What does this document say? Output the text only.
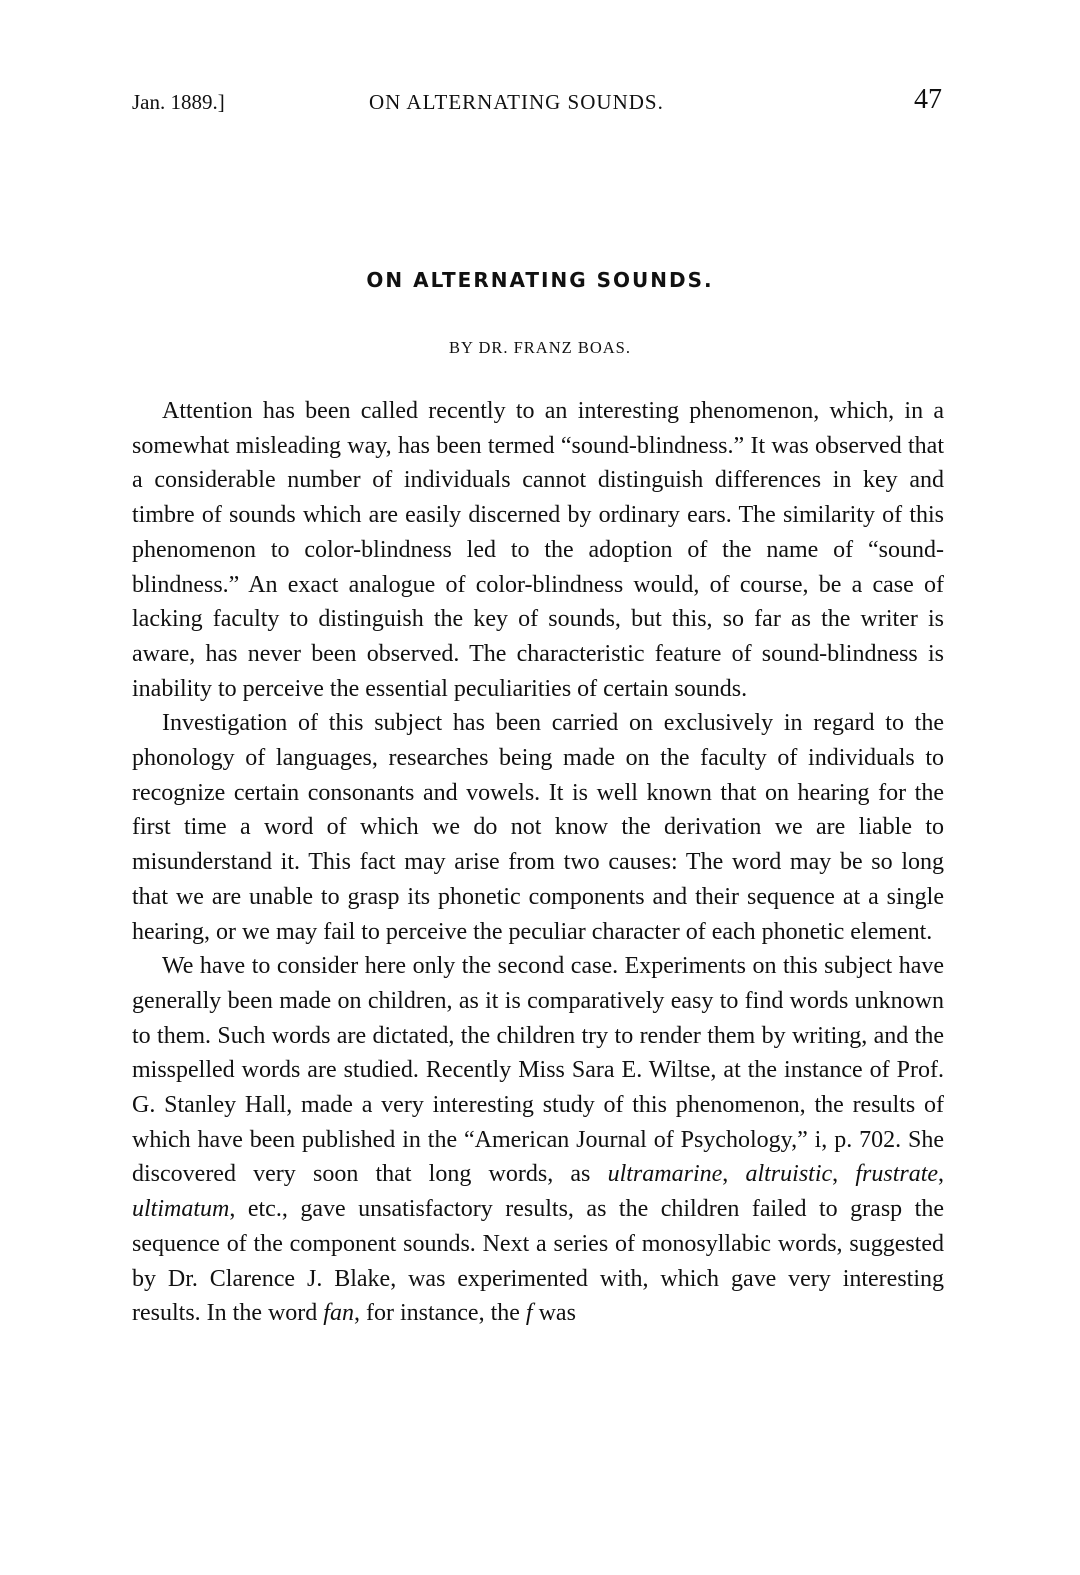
Jan. 1889.]	ON ALTERNATING SOUNDS.	47
ON ALTERNATING SOUNDS.
BY DR. FRANZ BOAS.

Attention has been called recently to an interesting phenomenon, which, in a somewhat misleading way, has been termed “sound-blindness.” It was observed that a considerable number of individuals cannot distinguish differences in key and timbre of sounds which are easily discerned by ordinary ears. The similarity of this phenomenon to color-blindness led to the adoption of the name of “sound-blindness.” An exact analogue of color-blindness would, of course, be a case of lacking faculty to distinguish the key of sounds, but this, so far as the writer is aware, has never been observed. The characteristic feature of sound-blindness is inability to perceive the essential peculiarities of certain sounds.

Investigation of this subject has been carried on exclusively in regard to the phonology of languages, researches being made on the faculty of individuals to recognize certain consonants and vowels. It is well known that on hearing for the first time a word of which we do not know the derivation we are liable to misunderstand it. This fact may arise from two causes: The word may be so long that we are unable to grasp its phonetic components and their sequence at a single hearing, or we may fail to perceive the peculiar character of each phonetic element.

We have to consider here only the second case. Experiments on this subject have generally been made on children, as it is comparatively easy to find words unknown to them. Such words are dictated, the children try to render them by writing, and the misspelled words are studied. Recently Miss Sara E. Wiltse, at the instance of Prof. G. Stanley Hall, made a very interesting study of this phenomenon, the results of which have been published in the “American Journal of Psychology,” i, p. 702. She discovered very soon that long words, as ultramarine, altruistic, frustrate, ultimatum, etc., gave unsatisfactory results, as the children failed to grasp the sequence of the component sounds. Next a series of monosyllabic words, suggested by Dr. Clarence J. Blake, was experimented with, which gave very interesting results. In the word fan, for instance, the f was
